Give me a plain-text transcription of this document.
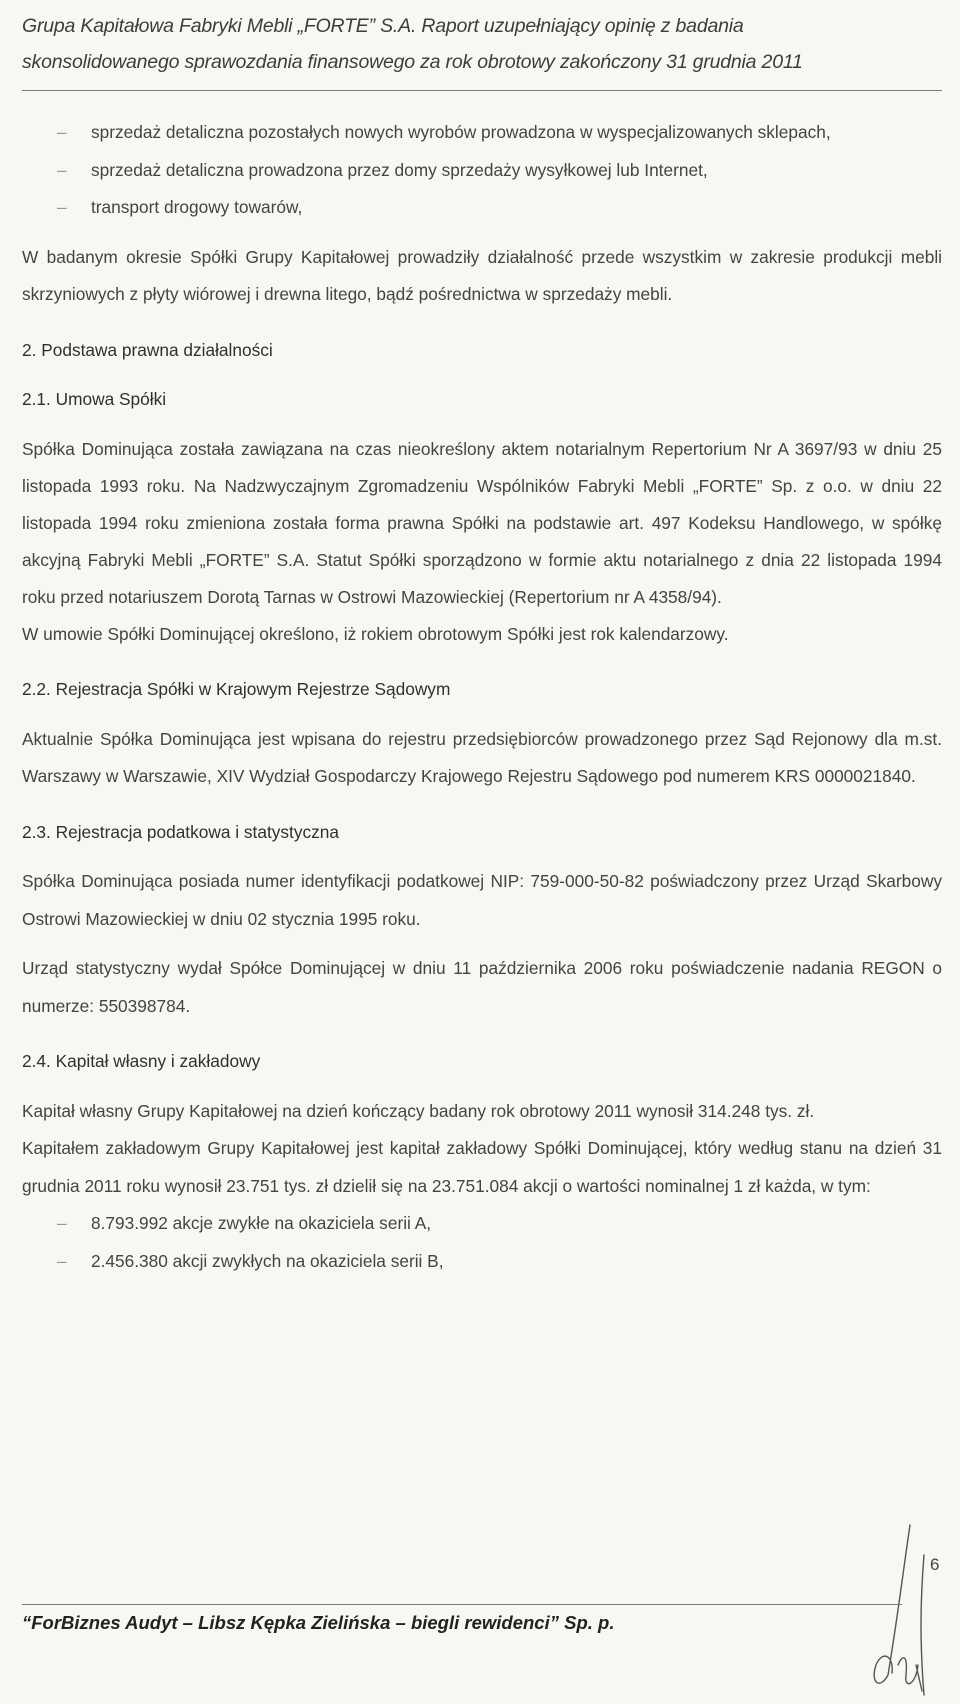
Grupa Kapitałowa Fabryki Mebli „FORTE” S.A. Raport uzupełniający opinię z badania
skonsolidowanego sprawozdania finansowego za rok obrotowy zakończony 31 grudnia 2011
– sprzedaż detaliczna pozostałych nowych wyrobów prowadzona w wyspecjalizowanych sklepach,
– sprzedaż detaliczna prowadzona przez domy sprzedaży wysyłkowej lub Internet,
– transport drogowy towarów,

W badanym okresie Spółki Grupy Kapitałowej prowadziły działalność przede wszystkim w zakresie produkcji mebli skrzyniowych z płyty wiórowej i drewna litego, bądź pośrednictwa w sprzedaży mebli.

2. Podstawa prawna działalności
2.1. Umowa Spółki

Spółka Dominująca została zawiązana na czas nieokreślony aktem notarialnym Repertorium Nr A 3697/93 w dniu 25 listopada 1993 roku. Na Nadzwyczajnym Zgromadzeniu Wspólników Fabryki Mebli „FORTE” Sp. z o.o. w dniu 22 listopada 1994 roku zmieniona została forma prawna Spółki na podstawie art. 497 Kodeksu Handlowego, w spółkę akcyjną Fabryki Mebli „FORTE” S.A. Statut Spółki sporządzono w formie aktu notarialnego z dnia 22 listopada 1994 roku przed notariuszem Dorotą Tarnas w Ostrowi Mazowieckiej (Repertorium nr A 4358/94).

W umowie Spółki Dominującej określono, iż rokiem obrotowym Spółki jest rok kalendarzowy.

2.2. Rejestracja Spółki w Krajowym Rejestrze Sądowym

Aktualnie Spółka Dominująca jest wpisana do rejestru przedsiębiorców prowadzonego przez Sąd Rejonowy dla m.st. Warszawy w Warszawie, XIV Wydział Gospodarczy Krajowego Rejestru Sądowego pod numerem KRS 0000021840.

2.3. Rejestracja podatkowa i statystyczna

Spółka Dominująca posiada numer identyfikacji podatkowej NIP: 759-000-50-82 poświadczony przez Urząd Skarbowy Ostrowi Mazowieckiej w dniu 02 stycznia 1995 roku.

Urząd statystyczny wydał Spółce Dominującej w dniu 11 października 2006 roku poświadczenie nadania REGON o numerze: 550398784.

2.4. Kapitał własny i zakładowy

Kapitał własny Grupy Kapitałowej na dzień kończący badany rok obrotowy 2011 wynosił 314.248 tys. zł.

Kapitałem zakładowym Grupy Kapitałowej jest kapitał zakładowy Spółki Dominującej, który według stanu na dzień 31 grudnia 2011 roku wynosił 23.751 tys. zł dzielił się na 23.751.084 akcji o wartości nominalnej 1 zł każda, w tym:

– 8.793.992 akcje zwykłe na okaziciela serii A,
– 2.456.380 akcji zwykłych na okaziciela serii B,
6
“ForBiznes Audyt – Libsz Kępka Zielińska – biegli rewidenci” Sp. p.
